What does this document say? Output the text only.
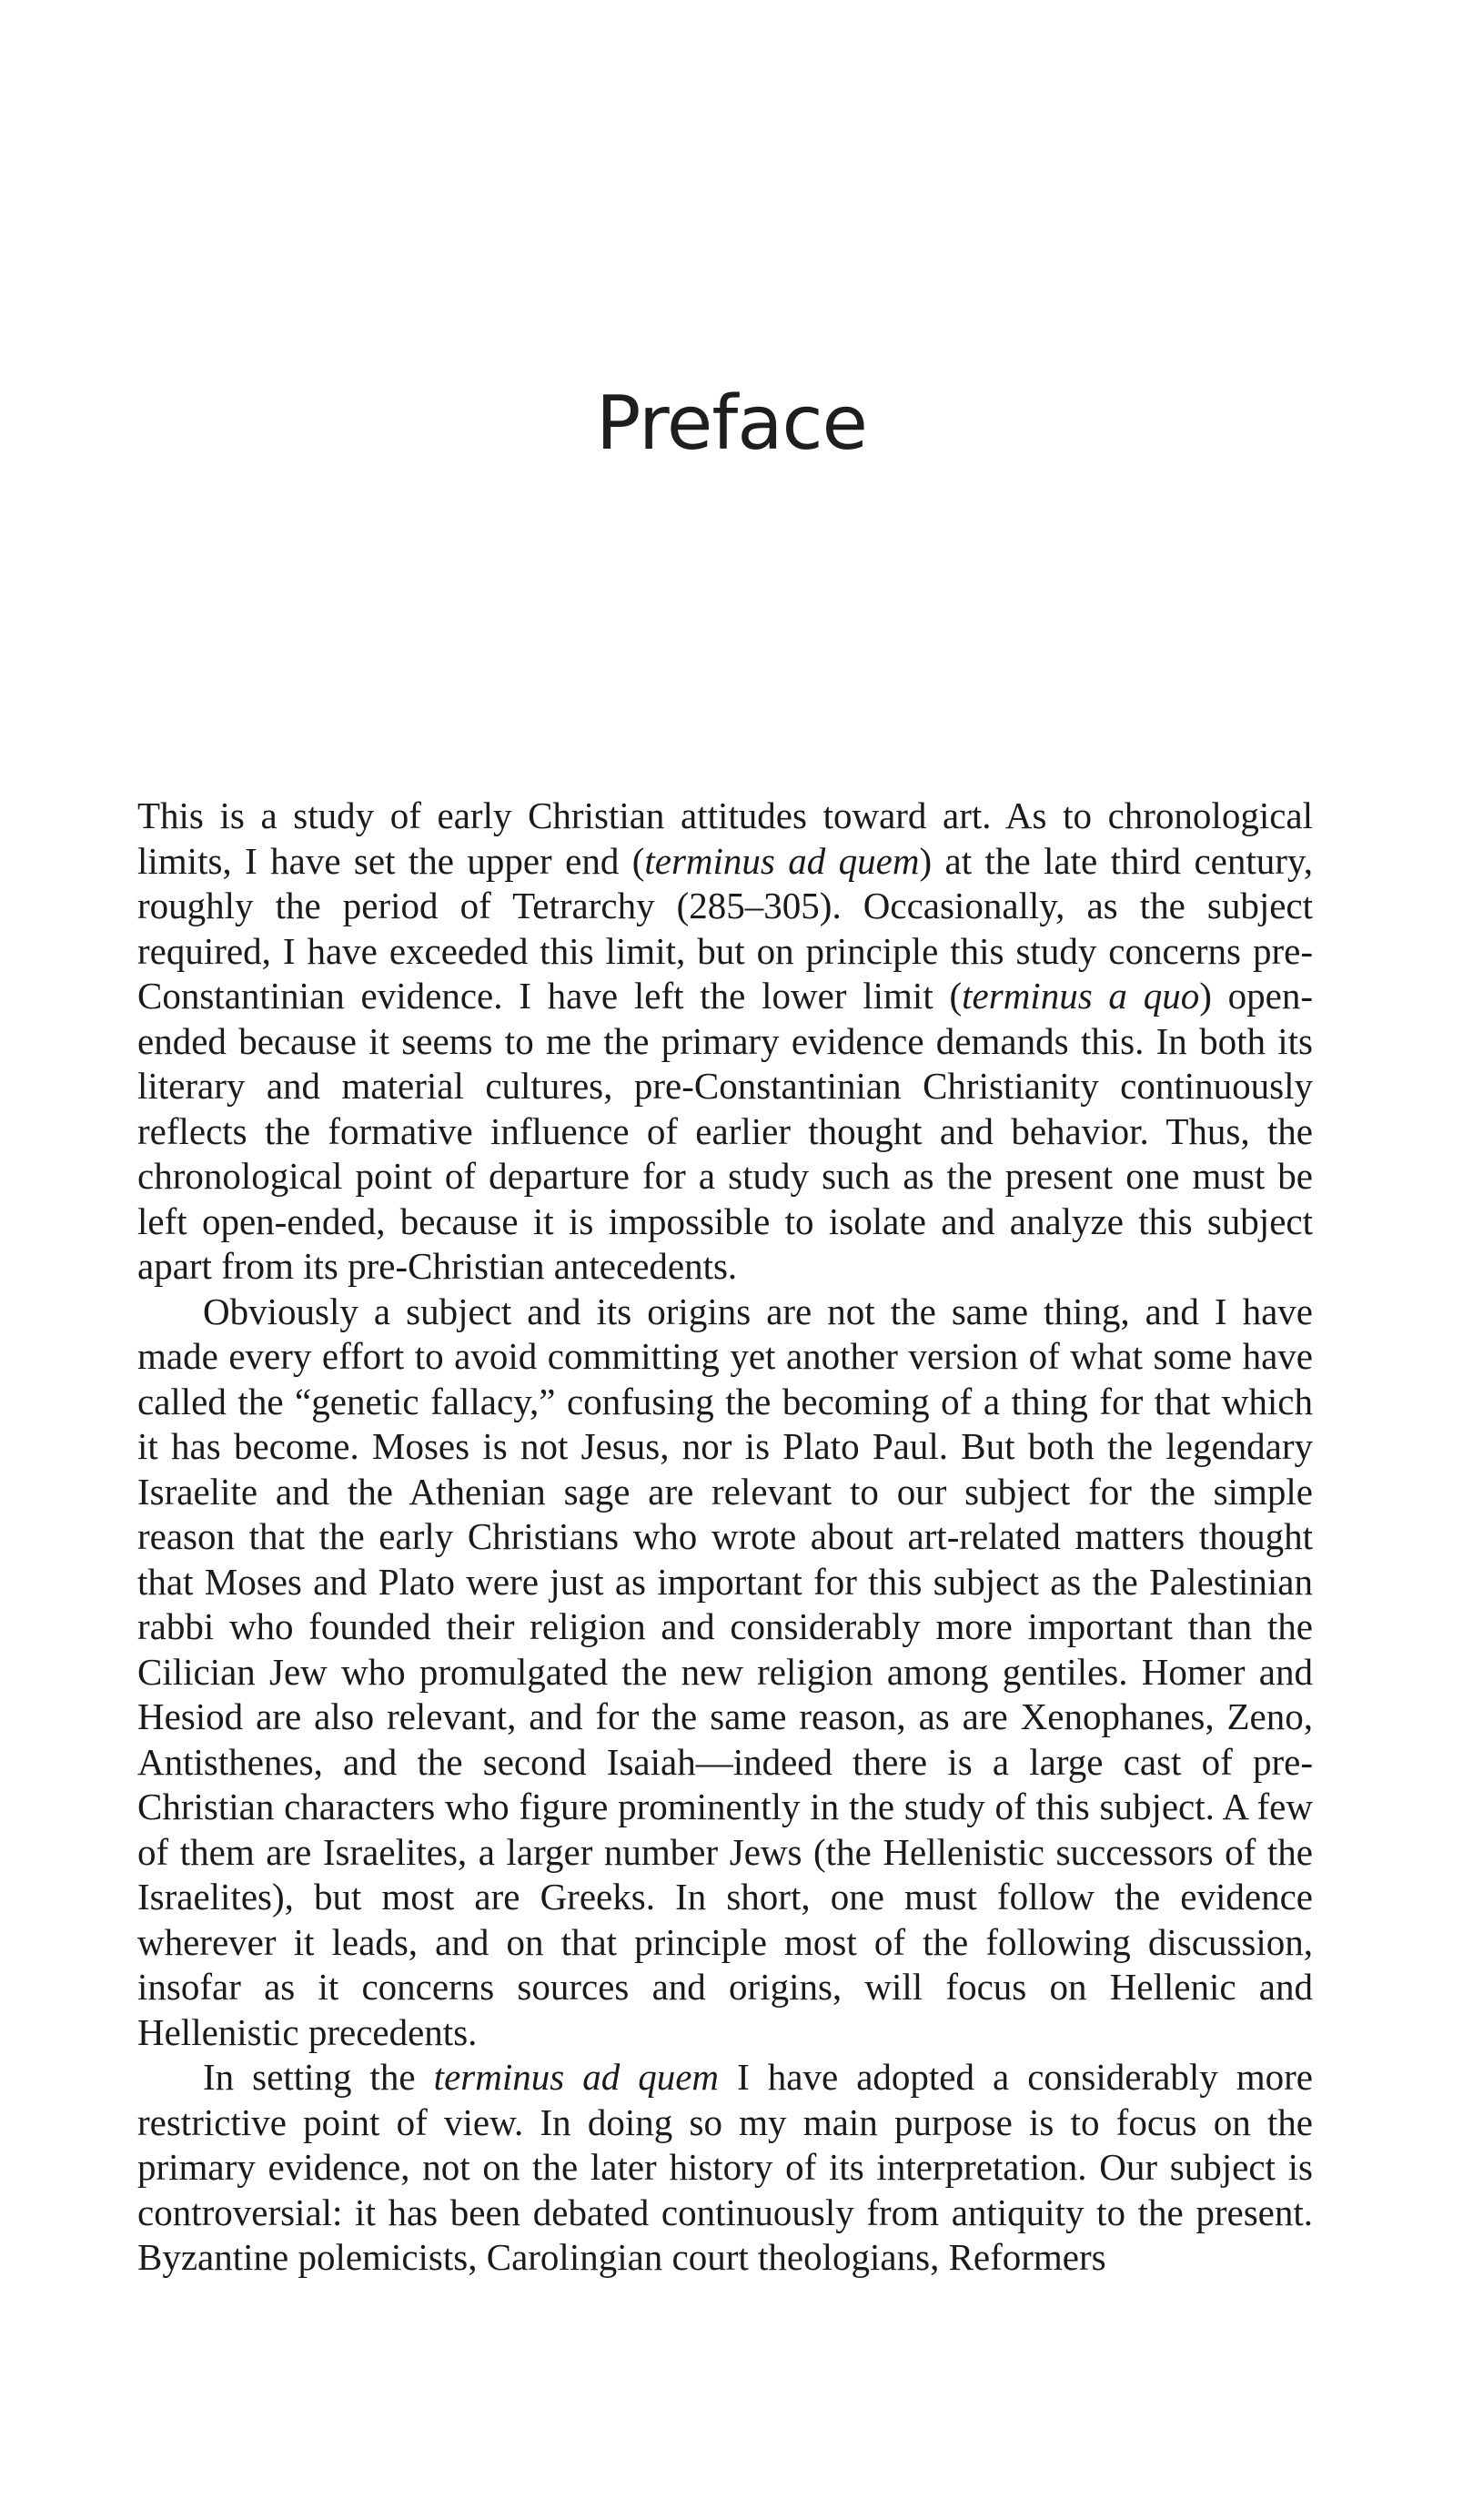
Preface

This is a study of early Christian attitudes toward art. As to chronological limits, I have set the upper end (terminus ad quem) at the late third century, roughly the period of Tetrarchy (285–305). Occasionally, as the subject required, I have exceeded this limit, but on principle this study concerns pre-Constantinian evidence. I have left the lower limit (terminus a quo) open-ended because it seems to me the primary evidence demands this. In both its literary and material cultures, pre-Constantinian Christianity continuously reflects the formative influence of earlier thought and behavior. Thus, the chronological point of departure for a study such as the present one must be left open-ended, because it is impossible to isolate and analyze this subject apart from its pre-Christian antecedents.

Obviously a subject and its origins are not the same thing, and I have made every effort to avoid committing yet another version of what some have called the “genetic fallacy,” confusing the becoming of a thing for that which it has become. Moses is not Jesus, nor is Plato Paul. But both the legendary Israelite and the Athenian sage are relevant to our subject for the simple reason that the early Christians who wrote about art-related matters thought that Moses and Plato were just as important for this subject as the Palestinian rabbi who founded their religion and considerably more important than the Cilician Jew who promulgated the new religion among gentiles. Homer and Hesiod are also relevant, and for the same reason, as are Xenophanes, Zeno, Antisthenes, and the second Isaiah—indeed there is a large cast of pre-Christian characters who figure prominently in the study of this subject. A few of them are Israelites, a larger number Jews (the Hellenistic successors of the Israelites), but most are Greeks. In short, one must follow the evidence wherever it leads, and on that principle most of the following discussion, insofar as it concerns sources and origins, will focus on Hellenic and Hellenistic precedents.

In setting the terminus ad quem I have adopted a considerably more restrictive point of view. In doing so my main purpose is to focus on the primary evidence, not on the later history of its interpretation. Our subject is controversial: it has been debated continuously from antiquity to the present. Byzantine polemicists, Carolingian court theologians, Reformers
